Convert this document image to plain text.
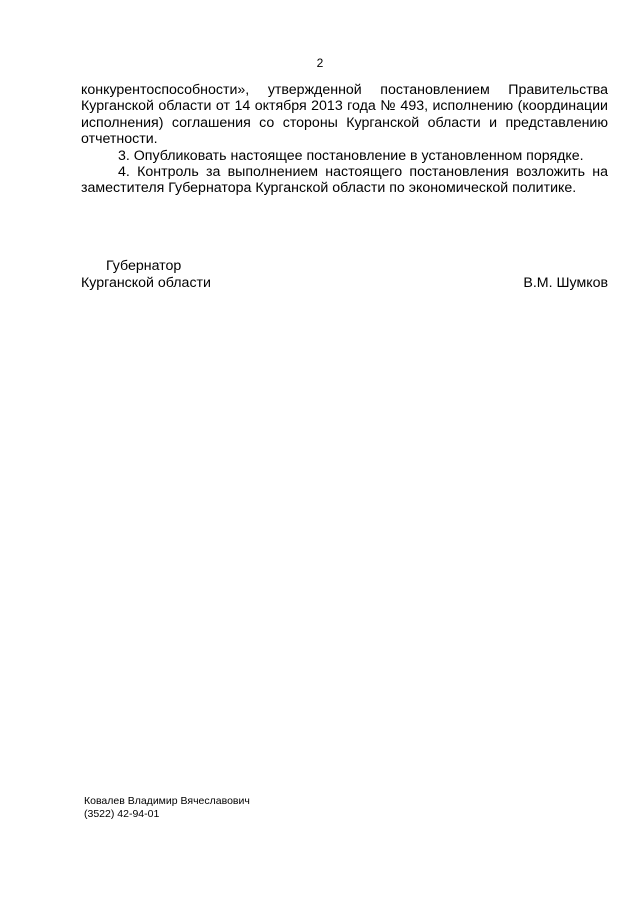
2

конкурентоспособности», утвержденной постановлением Правительства Курганской области от 14 октября 2013 года № 493, исполнению (координации исполнения) соглашения со стороны Курганской области и представлению отчетности.

3. Опубликовать настоящее постановление в установленном порядке.

4. Контроль за выполнением настоящего постановления возложить на заместителя Губернатора Курганской области по экономической политике.

Губернатор
Курганской области	В.М. Шумков
Ковалев Владимир Вячеславович
(3522) 42-94-01
